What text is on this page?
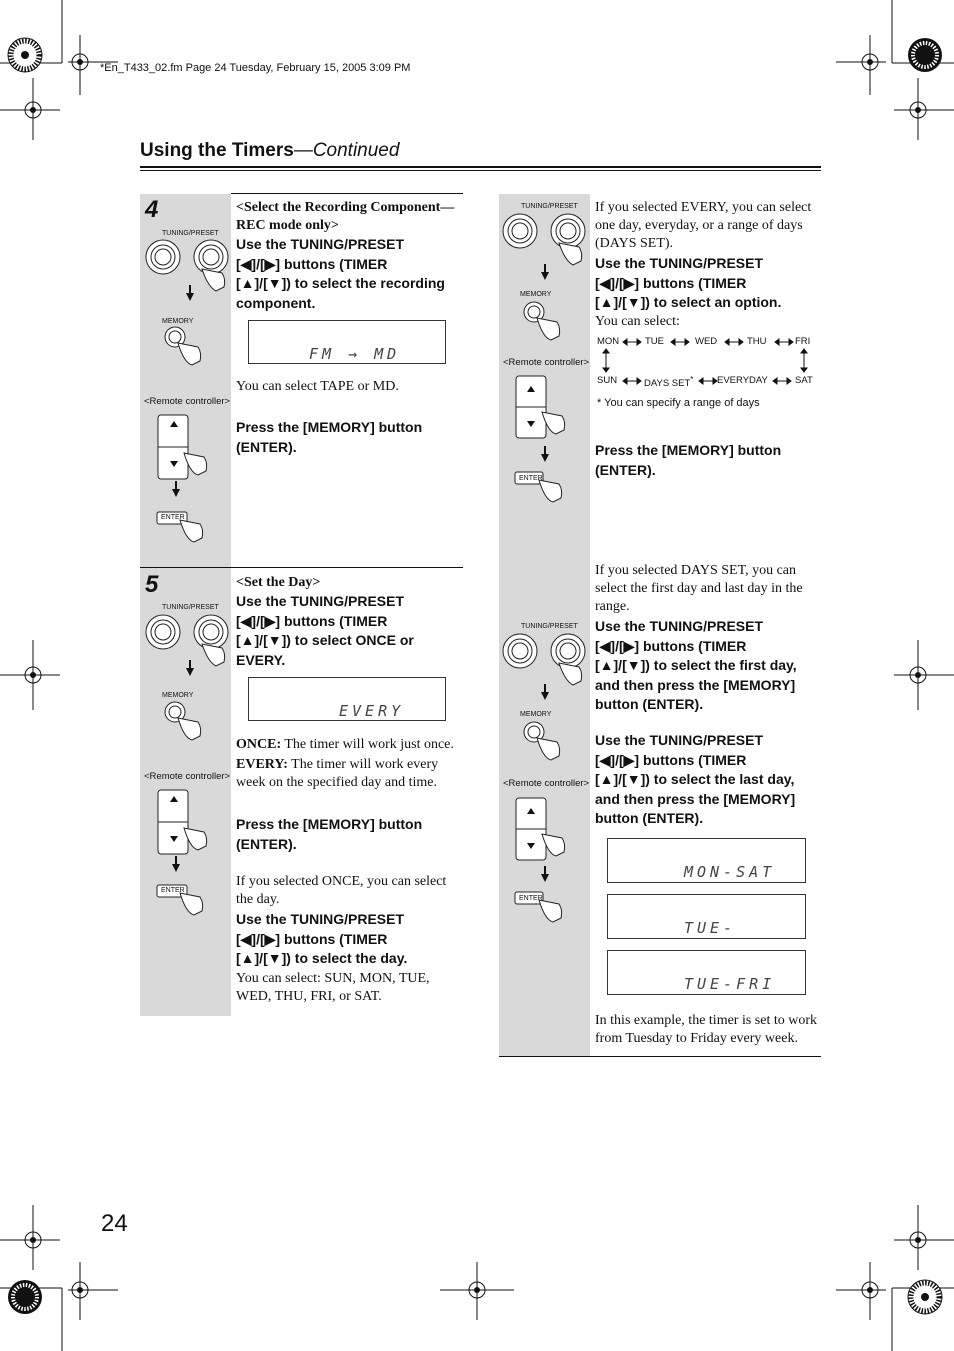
*En_T433_02.fm Page 24 Tuesday, February 15, 2005 3:09 PM
Using the Timers—Continued
4
5
TUNING/PRESET
MEMORY
<Remote controller>
ENTER
TUNING/PRESET
MEMORY
<Remote controller>
ENTER
<Select the Recording Component—
REC mode only>
Use the TUNING/PRESET
[◀]/[▶] buttons (TIMER
[▲]/[▼]) to select the recording
component.
FM → MD
You can select TAPE or MD.
Press the [MEMORY] button
(ENTER).
<Set the Day>
Use the TUNING/PRESET
[◀]/[▶] buttons (TIMER
[▲]/[▼]) to select ONCE or
EVERY.
EVERY
ONCE: The timer will work just once.
EVERY: The timer will work every
week on the specified day and time.
Press the [MEMORY] button
(ENTER).
If you selected ONCE, you can select
the day.
Use the TUNING/PRESET
[◀]/[▶] buttons (TIMER
[▲]/[▼]) to select the day.
You can select: SUN, MON, TUE,
WED, THU, FRI, or SAT.
TUNING/PRESET
MEMORY
<Remote controller>
ENTER
TUNING/PRESET
MEMORY
<Remote controller>
ENTER
If you selected EVERY, you can select
one day, everyday, or a range of days
(DAYS SET).
Use the TUNING/PRESET
[◀]/[▶] buttons (TIMER
[▲]/[▼]) to select an option.
You can select:
MON	TUE	WED	THU	FRI
SUN	DAYS SET* EVERYDAY	SAT
* You can specify a range of days
Press the [MEMORY] button
(ENTER).
If you selected DAYS SET, you can
select the first day and last day in the
range.
Use the TUNING/PRESET
[◀]/[▶] buttons (TIMER
[▲]/[▼]) to select the first day,
and then press the [MEMORY]
button (ENTER).
Use the TUNING/PRESET
[◀]/[▶] buttons (TIMER
[▲]/[▼]) to select the last day,
and then press the [MEMORY]
button (ENTER).
MON-SAT
TUE-
TUE-FRI
In this example, the timer is set to work
from Tuesday to Friday every week.
24
